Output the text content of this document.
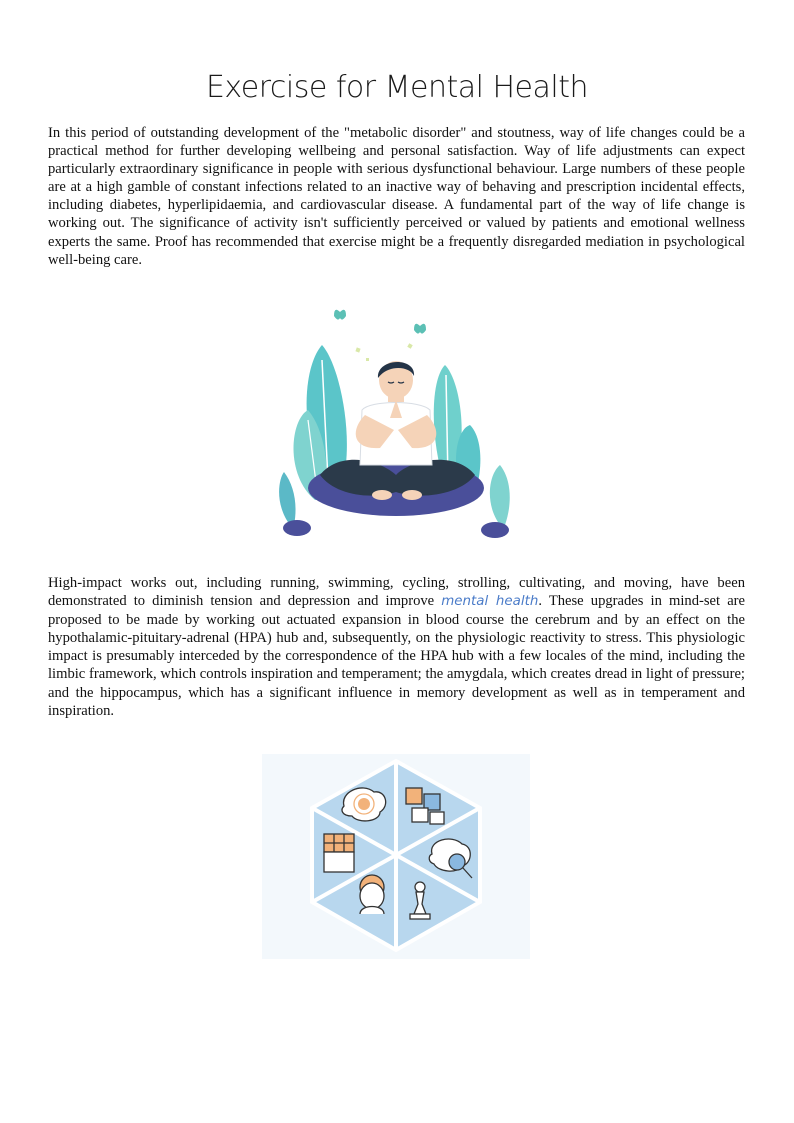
Exercise for Mental Health

In this period of outstanding development of the "metabolic disorder" and stoutness, way of life changes could be a practical method for further developing wellbeing and personal satisfaction. Way of life adjustments can expect particularly extraordinary significance in people with serious dysfunctional behaviour. Large numbers of these people are at a high gamble of constant infections related to an inactive way of behaving and prescription incidental effects, including diabetes, hyperlipidaemia, and cardiovascular disease. A fundamental part of the way of life change is working out. The significance of activity isn't sufficiently perceived or valued by patients and emotional wellness experts the same. Proof has recommended that exercise might be a frequently disregarded mediation in psychological well-being care.

High-impact works out, including running, swimming, cycling, strolling, cultivating, and moving, have been demonstrated to diminish tension and depression and improve mental health. These upgrades in mind-set are proposed to be made by working out actuated expansion in blood course the cerebrum and by an effect on the hypothalamic-pituitary-adrenal (HPA) hub and, subsequently, on the physiologic reactivity to stress. This physiologic impact is presumably interceded by the correspondence of the HPA hub with a few locales of the mind, including the limbic framework, which controls inspiration and temperament; the amygdala, which creates dread in light of pressure; and the hippocampus, which has a significant influence in memory development as well as in temperament and inspiration.
